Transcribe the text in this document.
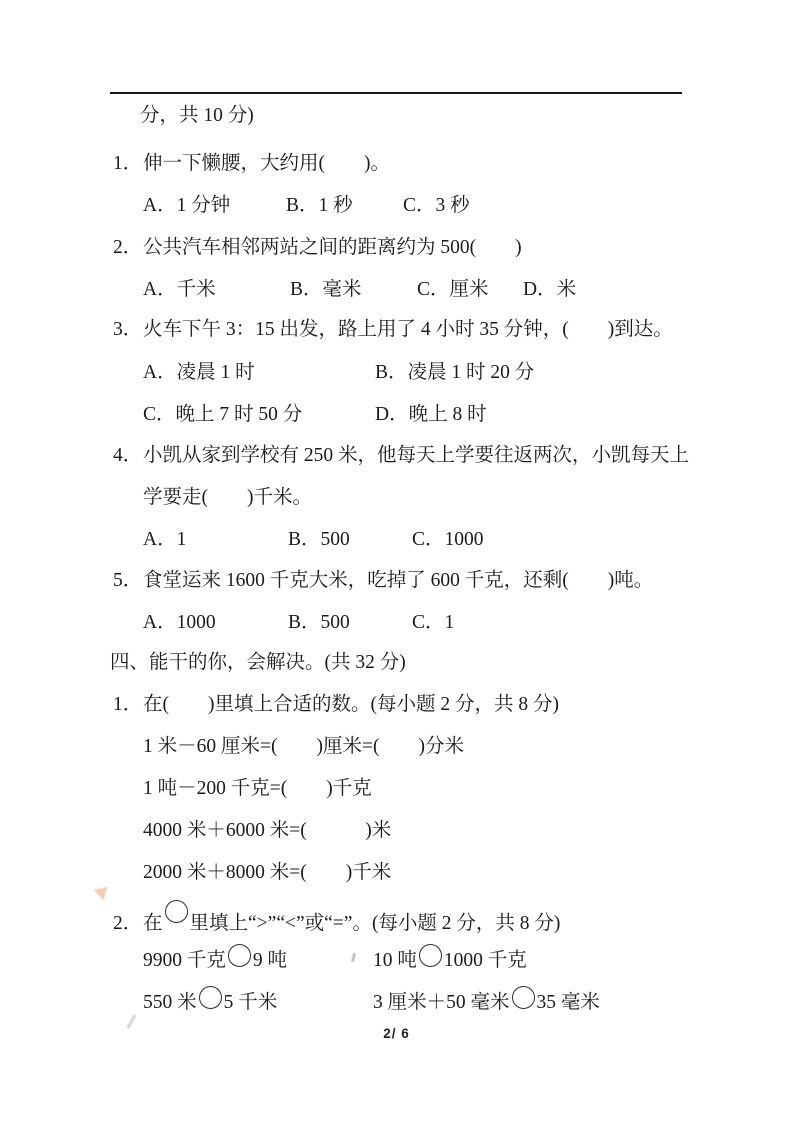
分，共 10 分)
1．伸一下懒腰，大约用(　　)。
A．1 分钟	B．1 秒	C．3 秒
2．公共汽车相邻两站之间的距离约为 500(　　)
A．千米	B．毫米	C．厘米 D．米
3．火车下午 3：15 出发，路上用了 4 小时 35 分钟，(　　)到达。
A．凌晨 1 时	B．凌晨 1 时 20 分
C．晚上 7 时 50 分	D．晚上 8 时
4．小凯从家到学校有 250 米，他每天上学要往返两次，小凯每天上
学要走(　　)千米。
A．1	B．500	C．1000
5．食堂运来 1600 千克大米，吃掉了 600 千克，还剩(　　)吨。
A．1000	B．500	C．1
四、能干的你，会解决。(共 32 分)
1．在(　　)里填上合适的数。(每小题 2 分，共 8 分)
1 米－60 厘米=(　　)厘米=(　　)分米
1 吨－200 千克=(　　)千克
4000 米＋6000 米=(　　　)米
2000 米＋8000 米=(　　)千米
2．在 里填上“>”“<”或“=”。(每小题 2 分，共 8 分)
9900 千克 9 吨	10 吨 1000 千克
550 米 5 千米	3 厘米＋50 毫米 35 毫米
2/ 6
